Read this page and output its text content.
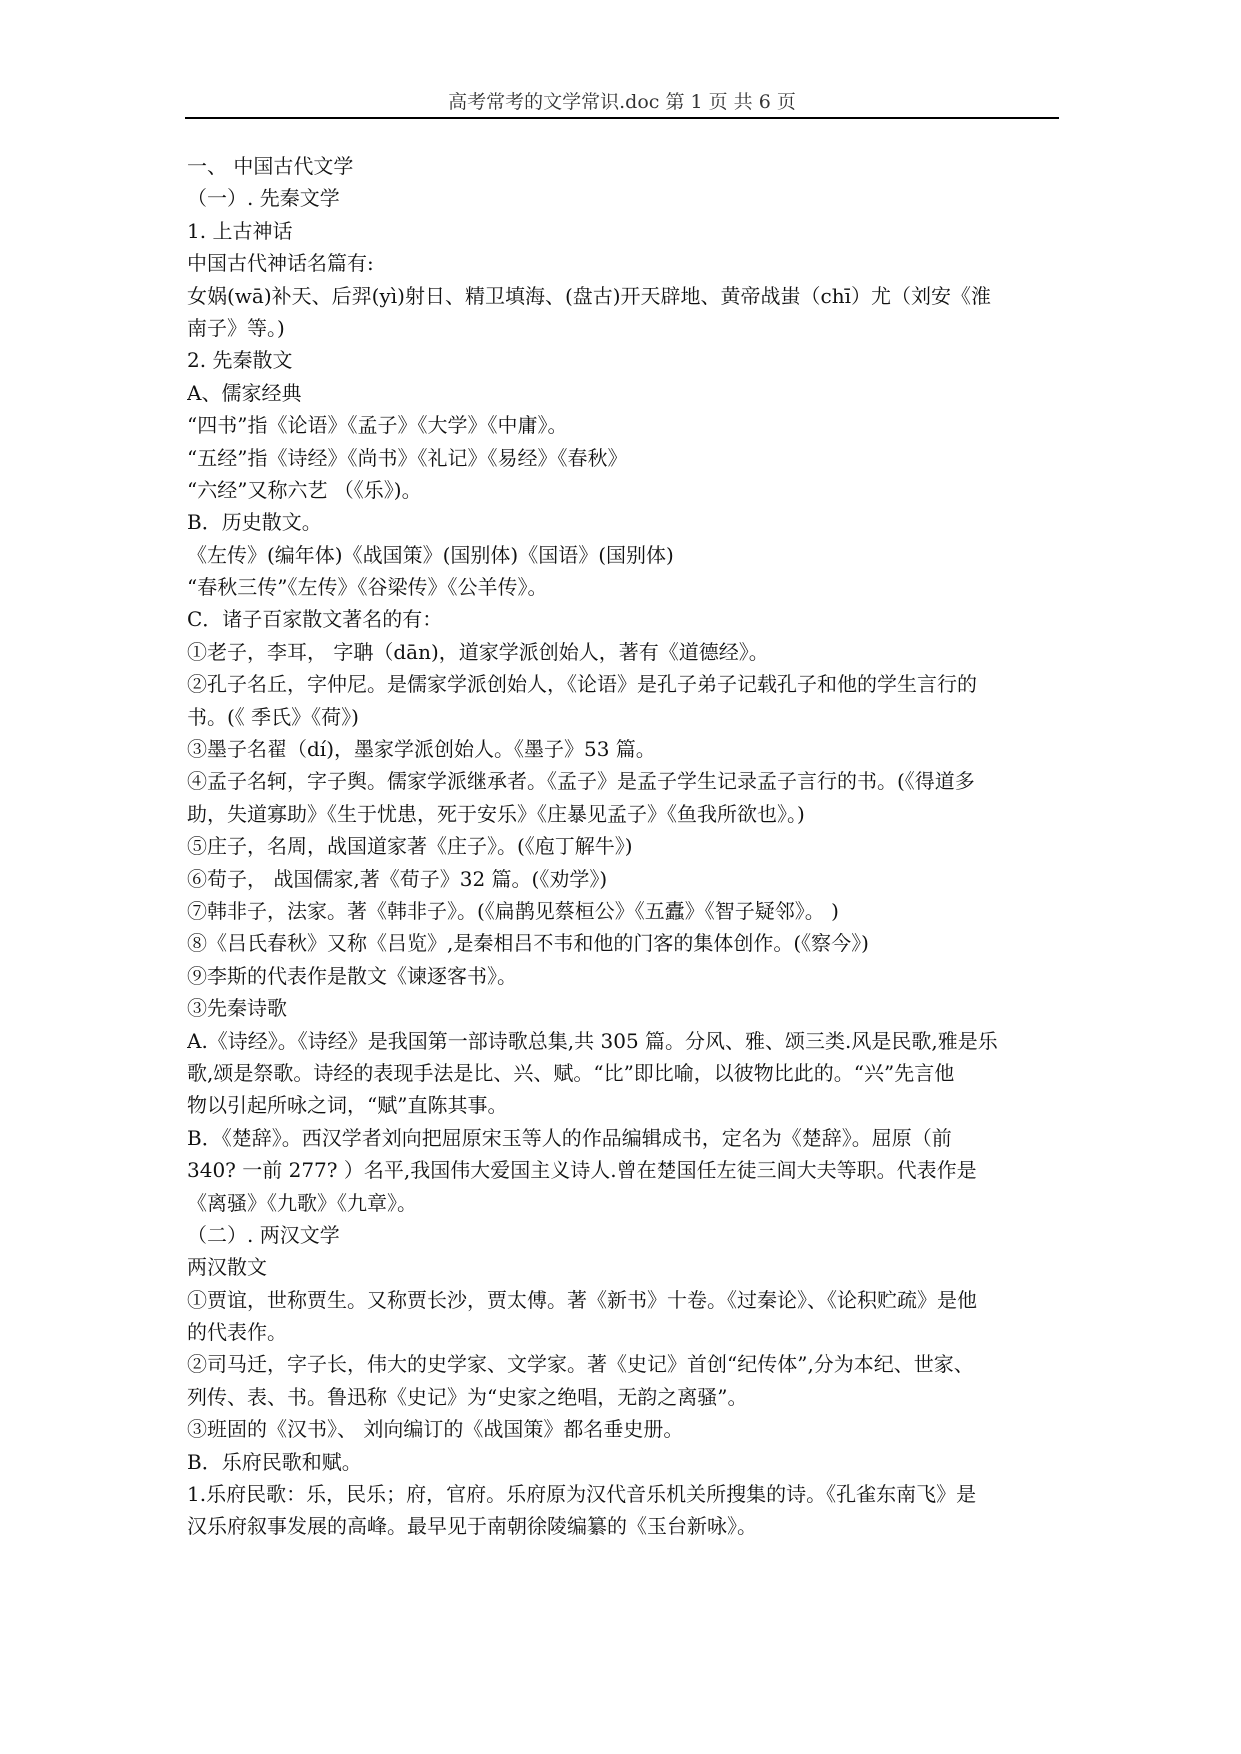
高考常考的文学常识.doc 第 1 页 共 6 页
一、 中国古代文学
（一）. 先秦文学
1. 上古神话
中国古代神话名篇有:
女娲(wā)补天、后羿(yì)射日、精卫填海、(盘古)开天辟地、黄帝战蚩（chī）尤（刘安《淮
南子》等。)
2. 先秦散文
A、儒家经典
“四书”指《论语》《孟子》《大学》《中庸》。
“五经”指《诗经》《尚书》《礼记》《易经》《春秋》
“六经”又称六艺 （《乐》)。
B．历史散文。
《左传》(编年体)《战国策》(国别体)《国语》(国别体)
“春秋三传”《左传》《谷梁传》《公羊传》。
C．诸子百家散文著名的有：
①老子，李耳， 字聃（dān)，道家学派创始人，著有《道德经》。
②孔子名丘，字仲尼。是儒家学派创始人，《论语》是孔子弟子记载孔子和他的学生言行的
书。(《 季氏》《荷》)
③墨子名翟（dí)，墨家学派创始人。《墨子》53 篇。
④孟子名轲，字子舆。儒家学派继承者。《孟子》是孟子学生记录孟子言行的书。(《得道多
助，失道寡助》《生于忧患，死于安乐》《庄暴见孟子》《鱼我所欲也》。)
⑤庄子，名周，战国道家著《庄子》。(《庖丁解牛》)
⑥荀子， 战国儒家,著《荀子》32 篇。(《劝学》)
⑦韩非子，法家。著《韩非子》。(《扁鹊见蔡桓公》《五蠹》《智子疑邻》。 )
⑧《吕氏春秋》又称《吕览》,是秦相吕不韦和他的门客的集体创作。(《察今》)
⑨李斯的代表作是散文《谏逐客书》。
③先秦诗歌
A.《诗经》。《诗经》是我国第一部诗歌总集,共 305 篇。分风、雅、颂三类.风是民歌,雅是乐
歌,颂是祭歌。诗经的表现手法是比、兴、赋。“比”即比喻，以彼物比此的。“兴”先言他
物以引起所咏之词，“赋”直陈其事。
B．《楚辞》。西汉学者刘向把屈原宋玉等人的作品编辑成书，定名为《楚辞》。屈原（前
340? 一前 277? ）名平,我国伟大爱国主义诗人.曾在楚国任左徒三闾大夫等职。代表作是
《离骚》《九歌》《九章》。
（二）. 两汉文学
两汉散文
①贾谊，世称贾生。又称贾长沙，贾太傅。著《新书》十卷。《过秦论》、《论积贮疏》是他
的代表作。
②司马迁，字子长，伟大的史学家、文学家。著《史记》首创“纪传体”,分为本纪、世家、
列传、表、书。鲁迅称《史记》为“史家之绝唱，无韵之离骚”。
③班固的《汉书》、 刘向编订的《战国策》都名垂史册。
B．乐府民歌和赋。
1.乐府民歌：乐，民乐；府，官府。乐府原为汉代音乐机关所搜集的诗。《孔雀东南飞》是
汉乐府叙事发展的高峰。最早见于南朝徐陵编纂的《玉台新咏》。
